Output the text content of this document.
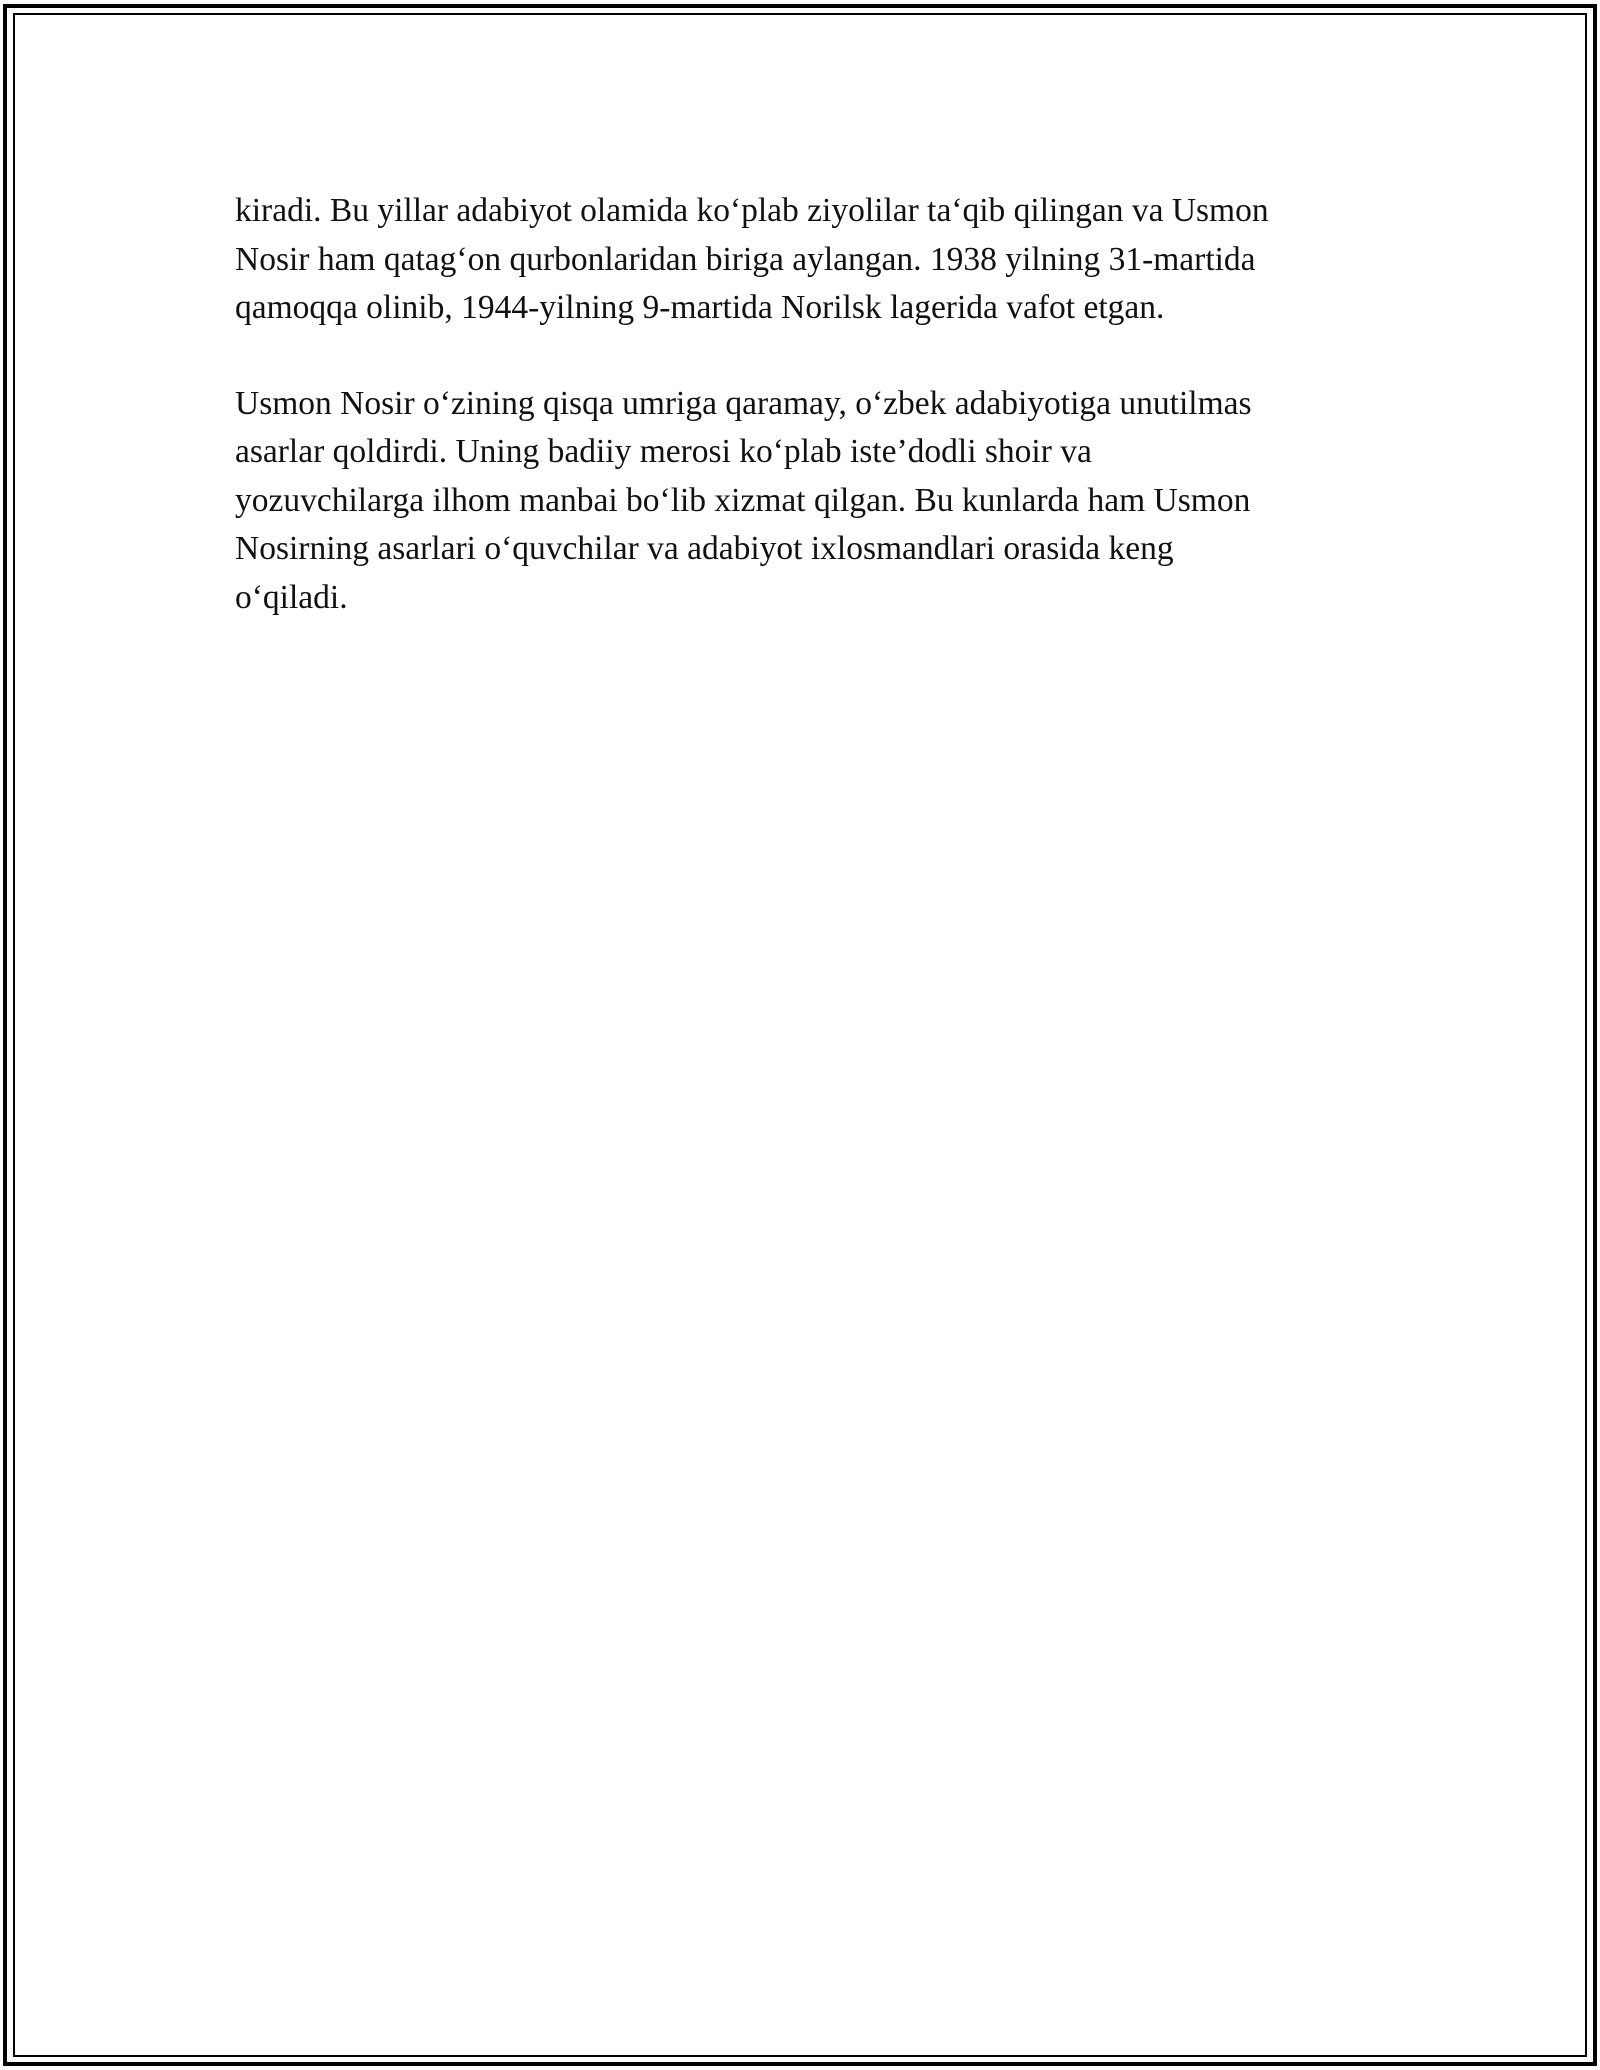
kiradi. Bu yillar adabiyot olamida ko‘plab ziyolilar ta‘qib qilingan va Usmon
Nosir ham qatag‘on qurbonlaridan biriga aylangan. 1938 yilning 31-martida
qamoqqa olinib, 1944-yilning 9-martida Norilsk lagerida vafot etgan.

Usmon Nosir o‘zining qisqa umriga qaramay, o‘zbek adabiyotiga unutilmas
asarlar qoldirdi. Uning badiiy merosi ko‘plab iste’dodli shoir va
yozuvchilarga ilhom manbai bo‘lib xizmat qilgan. Bu kunlarda ham Usmon
Nosirning asarlari o‘quvchilar va adabiyot ixlosmandlari orasida keng
o‘qiladi.
